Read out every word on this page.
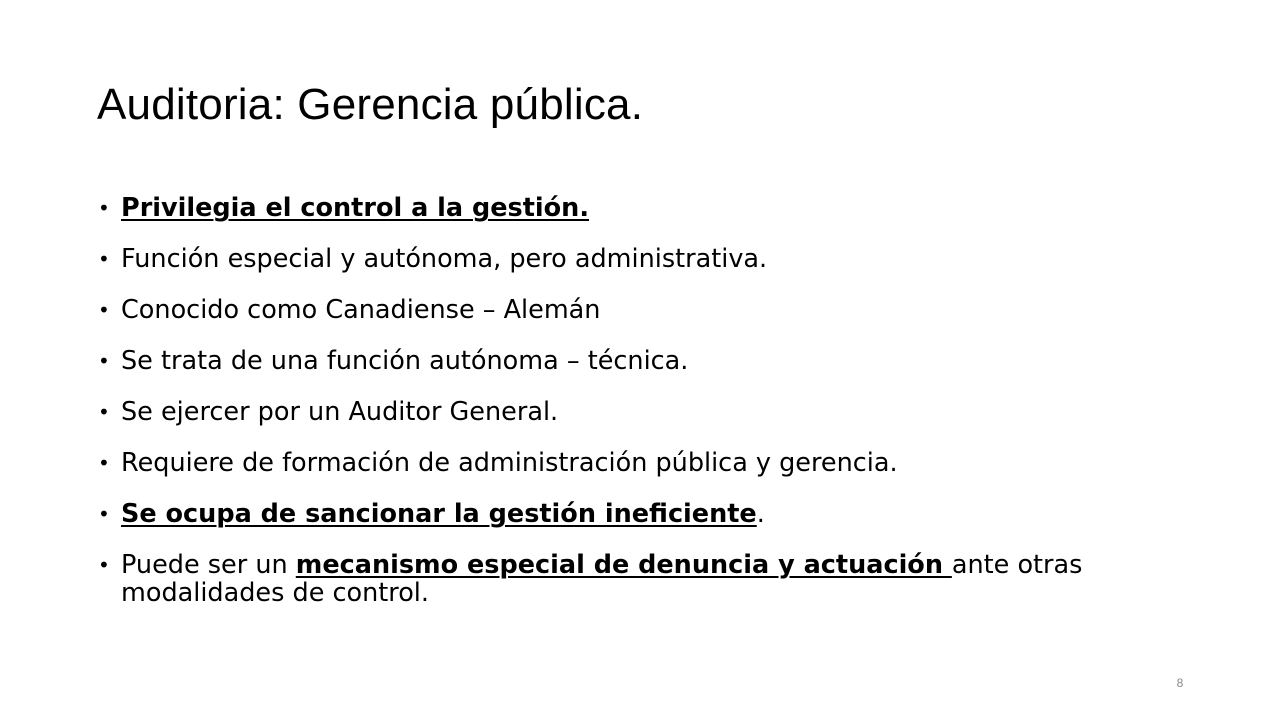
Auditoria: Gerencia pública.
• Privilegia el control a la gestión.
• Función especial y autónoma, pero administrativa.
• Conocido como Canadiense – Alemán
• Se trata de una función autónoma – técnica.
• Se ejercer por un Auditor General.
• Requiere de formación de administración pública y gerencia.
• Se ocupa de sancionar la gestión ineficiente.
• Puede ser un mecanismo especial de denuncia y actuación ante otras modalidades de control.
8
